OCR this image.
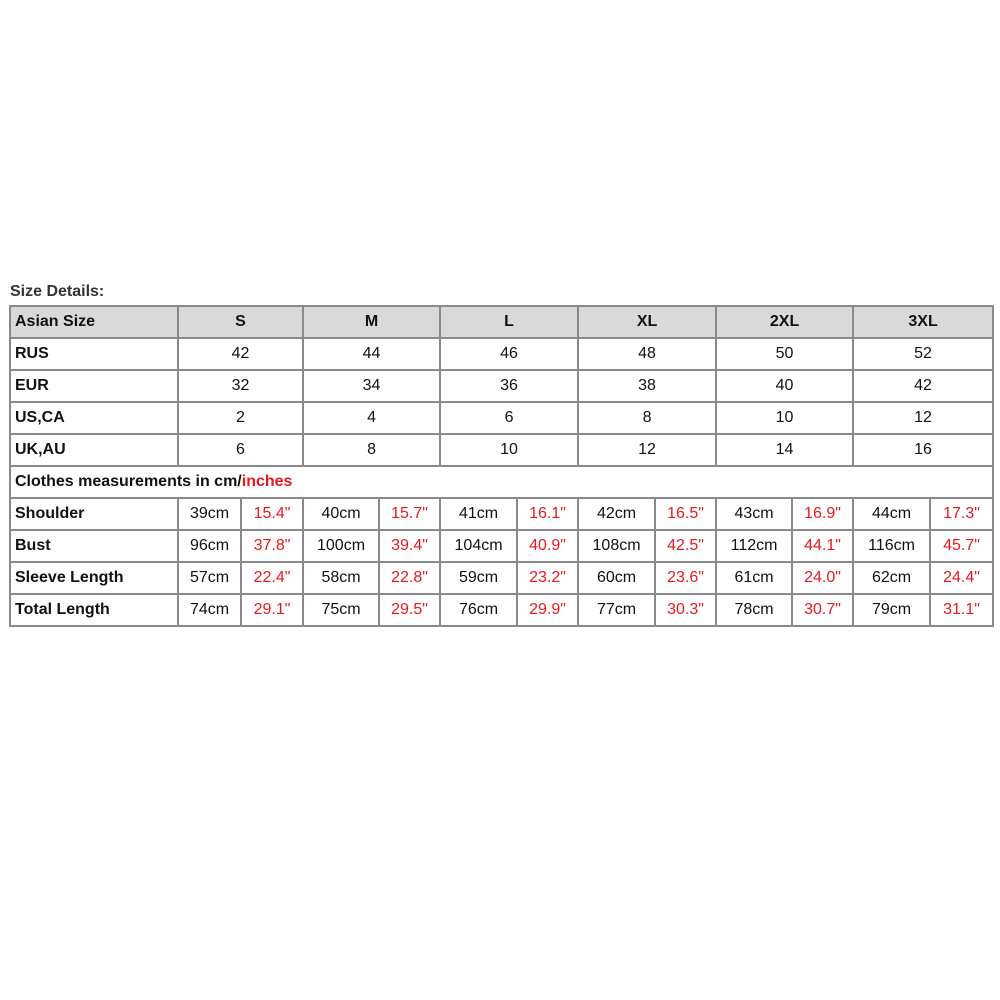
Size Details:
Asian Size	S		M		L		XL		2XL		3XL	
RUS	42		44		46		48		50		52	
EUR	32		34		36		38		40		42	
US,CA	2		4		6		8		10		12	
UK,AU	6		8		10		12		14		16	
Clothes measurements in cm/inches												
Shoulder	39cm	15.4"	40cm	15.7"	41cm	16.1"	42cm	16.5"	43cm	16.9"	44cm	17.3"
Bust	96cm	37.8"	100cm	39.4"	104cm	40.9"	108cm	42.5"	112cm	44.1"	116cm	45.7"
Sleeve Length	57cm	22.4"	58cm	22.8"	59cm	23.2"	60cm	23.6"	61cm	24.0"	62cm	24.4"
Total Length	74cm	29.1"	75cm	29.5"	76cm	29.9"	77cm	30.3"	78cm	30.7"	79cm	31.1"
